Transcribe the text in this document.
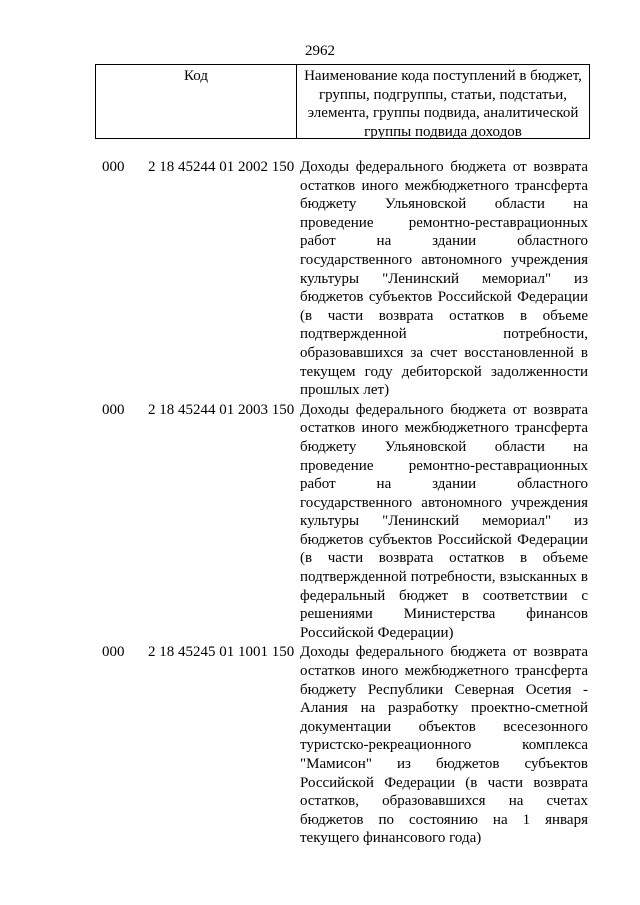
2962
Код	Наименование кода поступлений в бюджет, группы, подгруппы, статьи, подстатьи, элемента, группы подвида, аналитической группы подвида доходов
000	2 18 45244 01 2002 150 Доходы федерального бюджета от возврата
остатков иного межбюджетного трансферта
бюджету Ульяновской области на
проведение ремонтно-реставрационных
работ на здании областного
государственного автономного учреждения
культуры "Ленинский мемориал" из
бюджетов субъектов Российской Федерации
(в части возврата остатков в объеме
подтвержденной потребности,
образовавшихся за счет восстановленной в
текущем году дебиторской задолженности
прошлых лет)
000	2 18 45244 01 2003 150 Доходы федерального бюджета от возврата
остатков иного межбюджетного трансферта
бюджету Ульяновской области на
проведение ремонтно-реставрационных
работ на здании областного
государственного автономного учреждения
культуры "Ленинский мемориал" из
бюджетов субъектов Российской Федерации
(в части возврата остатков в объеме
подтвержденной потребности, взысканных в
федеральный бюджет в соответствии с
решениями Министерства финансов
Российской Федерации)
000	2 18 45245 01 1001 150 Доходы федерального бюджета от возврата
остатков иного межбюджетного трансферта
бюджету Республики Северная Осетия -
Алания на разработку проектно-сметной
документации объектов всесезонного
туристско-рекреационного комплекса
"Мамисон" из бюджетов субъектов
Российской Федерации (в части возврата
остатков, образовавшихся на счетах
бюджетов по состоянию на 1 января
текущего финансового года)
